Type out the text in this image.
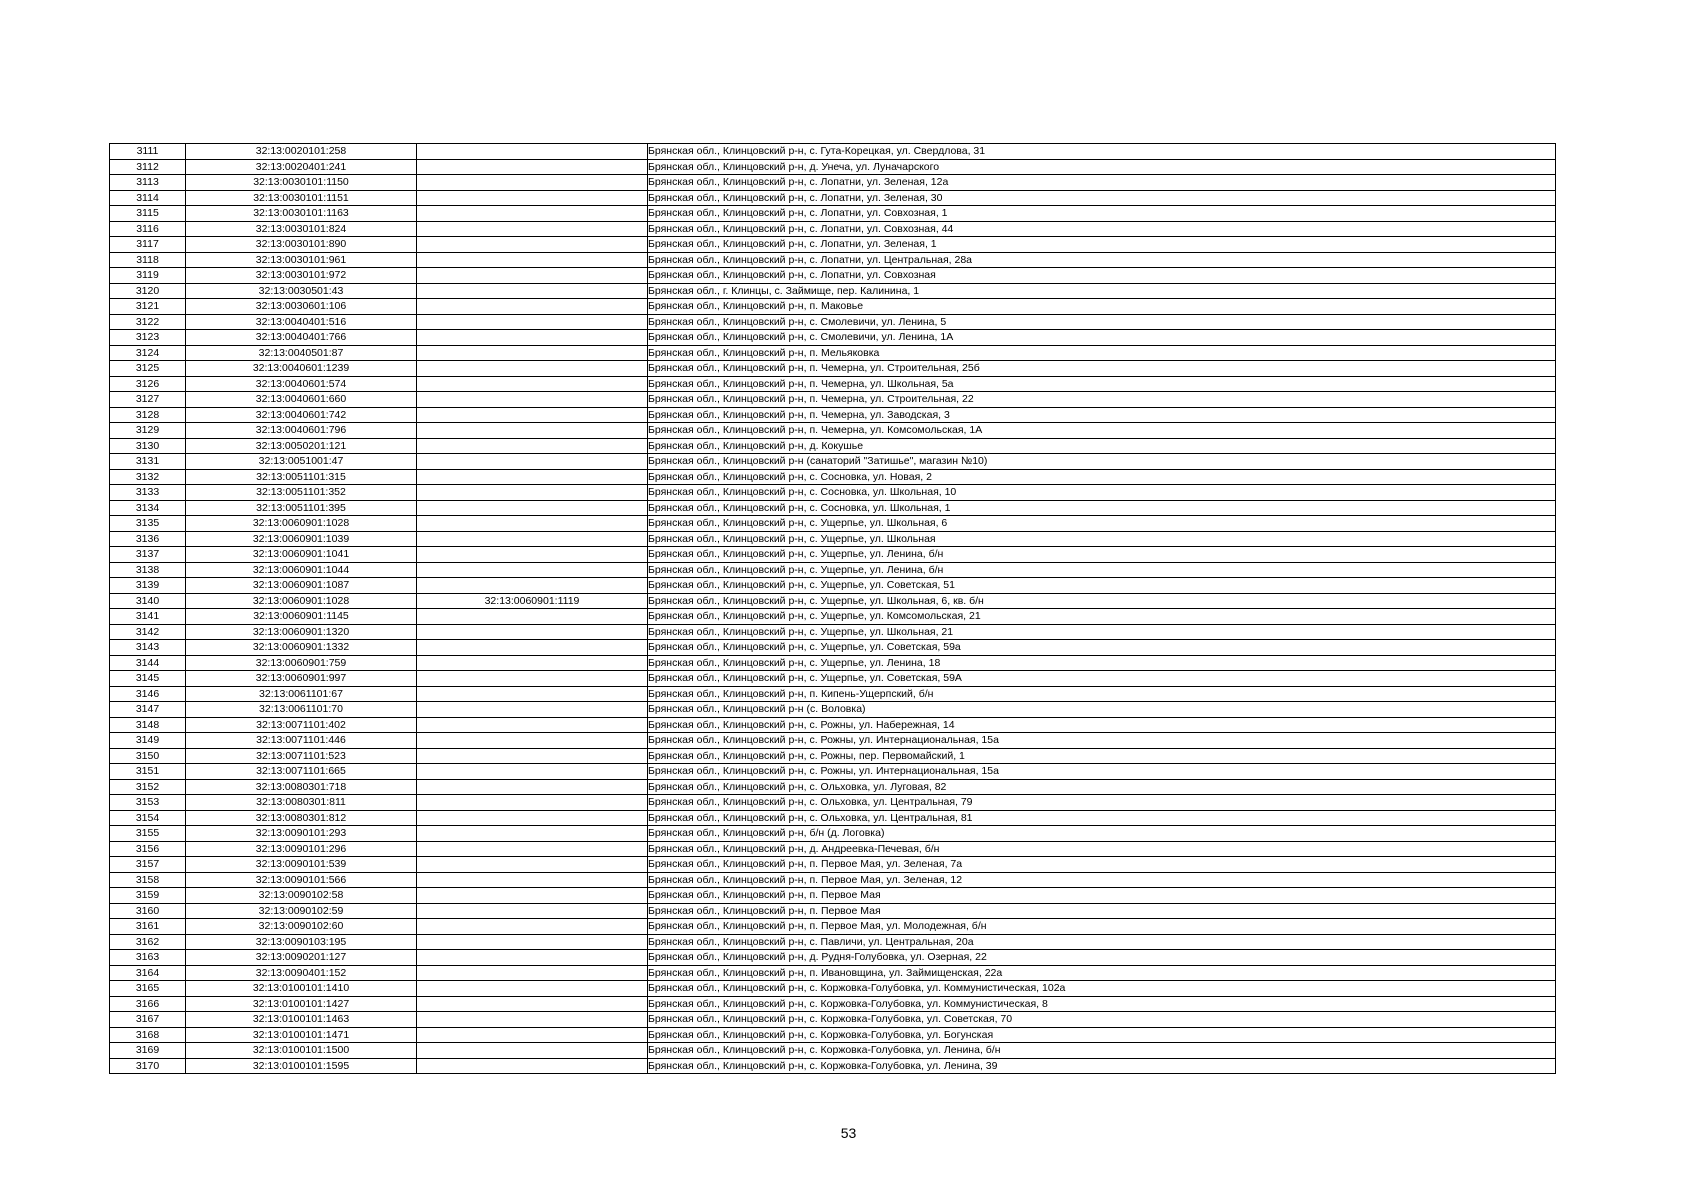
3111	32:13:0020101:258		Брянская обл., Клинцовский р-н, с. Гута-Корецкая, ул. Свердлова, 31
3112	32:13:0020401:241		Брянская обл., Клинцовский р-н, д. Унеча, ул. Луначарского
3113	32:13:0030101:1150		Брянская обл., Клинцовский р-н, с. Лопатни, ул. Зеленая, 12а
3114	32:13:0030101:1151		Брянская обл., Клинцовский р-н, с. Лопатни, ул. Зеленая, 30
3115	32:13:0030101:1163		Брянская обл., Клинцовский р-н, с. Лопатни, ул. Совхозная, 1
3116	32:13:0030101:824		Брянская обл., Клинцовский р-н, с. Лопатни, ул. Совхозная, 44
3117	32:13:0030101:890		Брянская обл., Клинцовский р-н, с. Лопатни, ул. Зеленая, 1
3118	32:13:0030101:961		Брянская обл., Клинцовский р-н, с. Лопатни, ул. Центральная, 28а
3119	32:13:0030101:972		Брянская обл., Клинцовский р-н, с. Лопатни, ул. Совхозная
3120	32:13:0030501:43		Брянская обл., г. Клинцы, с. Займище, пер. Калинина, 1
3121	32:13:0030601:106		Брянская обл., Клинцовский р-н, п. Маковье
3122	32:13:0040401:516		Брянская обл., Клинцовский р-н, с. Смолевичи, ул. Ленина, 5
3123	32:13:0040401:766		Брянская обл., Клинцовский р-н, с. Смолевичи, ул. Ленина, 1А
3124	32:13:0040501:87		Брянская обл., Клинцовский р-н, п. Мельяковка
3125	32:13:0040601:1239		Брянская обл., Клинцовский р-н, п. Чемерна, ул. Строительная, 25б
3126	32:13:0040601:574		Брянская обл., Клинцовский р-н, п. Чемерна, ул. Школьная, 5а
3127	32:13:0040601:660		Брянская обл., Клинцовский р-н, п. Чемерна, ул. Строительная, 22
3128	32:13:0040601:742		Брянская обл., Клинцовский р-н, п. Чемерна, ул. Заводская, 3
3129	32:13:0040601:796		Брянская обл., Клинцовский р-н, п. Чемерна, ул. Комсомольская, 1А
3130	32:13:0050201:121		Брянская обл., Клинцовский р-н, д. Кокушье
3131	32:13:0051001:47		Брянская обл., Клинцовский р-н (санаторий "Затишье", магазин №10)
3132	32:13:0051101:315		Брянская обл., Клинцовский р-н, с. Сосновка, ул. Новая, 2
3133	32:13:0051101:352		Брянская обл., Клинцовский р-н, с. Сосновка, ул. Школьная, 10
3134	32:13:0051101:395		Брянская обл., Клинцовский р-н, с. Сосновка, ул. Школьная, 1
3135	32:13:0060901:1028		Брянская обл., Клинцовский р-н, с. Ущерпье, ул. Школьная, 6
3136	32:13:0060901:1039		Брянская обл., Клинцовский р-н, с. Ущерпье, ул. Школьная
3137	32:13:0060901:1041		Брянская обл., Клинцовский р-н, с. Ущерпье, ул. Ленина, б/н
3138	32:13:0060901:1044		Брянская обл., Клинцовский р-н, с. Ущерпье, ул. Ленина, б/н
3139	32:13:0060901:1087		Брянская обл., Клинцовский р-н, с. Ущерпье, ул. Советская, 51
3140	32:13:0060901:1028	32:13:0060901:1119	Брянская обл., Клинцовский р-н, с. Ущерпье, ул. Школьная, 6, кв. б/н
3141	32:13:0060901:1145		Брянская обл., Клинцовский р-н, с. Ущерпье, ул. Комсомольская, 21
3142	32:13:0060901:1320		Брянская обл., Клинцовский р-н, с. Ущерпье, ул. Школьная, 21
3143	32:13:0060901:1332		Брянская обл., Клинцовский р-н, с. Ущерпье, ул. Советская, 59а
3144	32:13:0060901:759		Брянская обл., Клинцовский р-н, с. Ущерпье, ул. Ленина, 18
3145	32:13:0060901:997		Брянская обл., Клинцовский р-н, с. Ущерпье, ул. Советская, 59А
3146	32:13:0061101:67		Брянская обл., Клинцовский р-н, п. Кипень-Ущерпский, б/н
3147	32:13:0061101:70		Брянская обл., Клинцовский р-н (с. Воловка)
3148	32:13:0071101:402		Брянская обл., Клинцовский р-н, с. Рожны, ул. Набережная, 14
3149	32:13:0071101:446		Брянская обл., Клинцовский р-н, с. Рожны, ул. Интернациональная, 15а
3150	32:13:0071101:523		Брянская обл., Клинцовский р-н, с. Рожны, пер. Первомайский, 1
3151	32:13:0071101:665		Брянская обл., Клинцовский р-н, с. Рожны, ул. Интернациональная, 15а
3152	32:13:0080301:718		Брянская обл., Клинцовский р-н, с. Ольховка, ул. Луговая, 82
3153	32:13:0080301:811		Брянская обл., Клинцовский р-н, с. Ольховка, ул. Центральная, 79
3154	32:13:0080301:812		Брянская обл., Клинцовский р-н, с. Ольховка, ул. Центральная, 81
3155	32:13:0090101:293		Брянская обл., Клинцовский р-н, б/н (д. Логовка)
3156	32:13:0090101:296		Брянская обл., Клинцовский р-н, д. Андреевка-Печевая, б/н
3157	32:13:0090101:539		Брянская обл., Клинцовский р-н, п. Первое Мая, ул. Зеленая, 7а
3158	32:13:0090101:566		Брянская обл., Клинцовский р-н, п. Первое Мая, ул. Зеленая, 12
3159	32:13:0090102:58		Брянская обл., Клинцовский р-н, п. Первое Мая
3160	32:13:0090102:59		Брянская обл., Клинцовский р-н, п. Первое Мая
3161	32:13:0090102:60		Брянская обл., Клинцовский р-н, п. Первое Мая, ул. Молодежная, б/н
3162	32:13:0090103:195		Брянская обл., Клинцовский р-н, с. Павличи, ул. Центральная, 20а
3163	32:13:0090201:127		Брянская обл., Клинцовский р-н, д. Рудня-Голубовка, ул. Озерная, 22
3164	32:13:0090401:152		Брянская обл., Клинцовский р-н, п. Ивановщина, ул. Займищенская, 22а
3165	32:13:0100101:1410		Брянская обл., Клинцовский р-н, с. Коржовка-Голубовка, ул. Коммунистическая, 102а
3166	32:13:0100101:1427		Брянская обл., Клинцовский р-н, с. Коржовка-Голубовка, ул. Коммунистическая, 8
3167	32:13:0100101:1463		Брянская обл., Клинцовский р-н, с. Коржовка-Голубовка, ул. Советская, 70
3168	32:13:0100101:1471		Брянская обл., Клинцовский р-н, с. Коржовка-Голубовка, ул. Богунская
3169	32:13:0100101:1500		Брянская обл., Клинцовский р-н, с. Коржовка-Голубовка, ул. Ленина, б/н
3170	32:13:0100101:1595		Брянская обл., Клинцовский р-н, с. Коржовка-Голубовка, ул. Ленина, 39
53
